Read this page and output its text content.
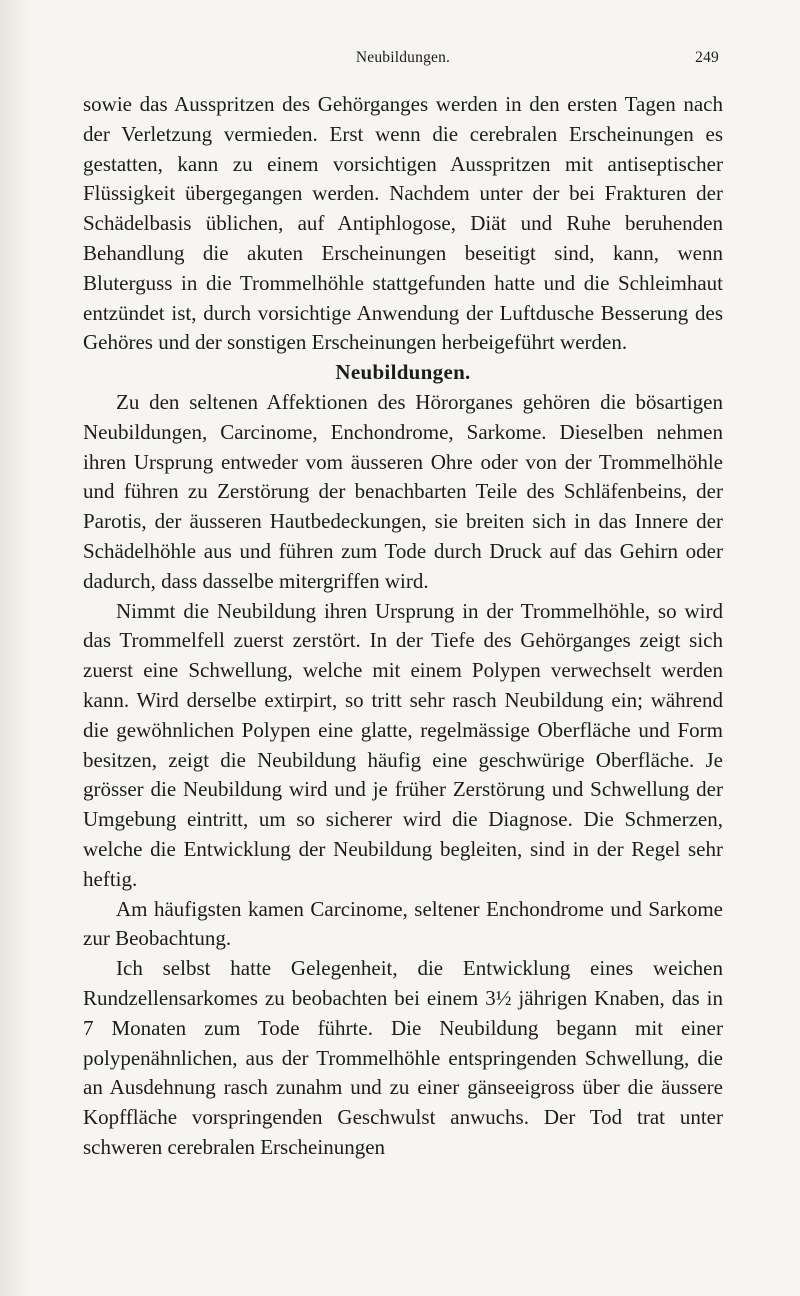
Neubildungen.	249

sowie das Ausspritzen des Gehörganges werden in den ersten Tagen nach der Verletzung vermieden. Erst wenn die cerebralen Erscheinungen es gestatten, kann zu einem vorsichtigen Ausspritzen mit antiseptischer Flüssigkeit übergegangen werden. Nachdem unter der bei Frakturen der Schädelbasis üblichen, auf Antiphlogose, Diät und Ruhe beruhenden Behandlung die akuten Erscheinungen beseitigt sind, kann, wenn Bluterguss in die Trommelhöhle stattgefunden hatte und die Schleimhaut entzündet ist, durch vorsichtige Anwendung der Luftdusche Besserung des Gehöres und der sonstigen Erscheinungen herbeigeführt werden.

Neubildungen.

Zu den seltenen Affektionen des Hörorganes gehören die bösartigen Neubildungen, Carcinome, Enchondrome, Sarkome. Dieselben nehmen ihren Ursprung entweder vom äusseren Ohre oder von der Trommelhöhle und führen zu Zerstörung der benachbarten Teile des Schläfenbeins, der Parotis, der äusseren Hautbedeckungen, sie breiten sich in das Innere der Schädelhöhle aus und führen zum Tode durch Druck auf das Gehirn oder dadurch, dass dasselbe mitergriffen wird.

Nimmt die Neubildung ihren Ursprung in der Trommelhöhle, so wird das Trommelfell zuerst zerstört. In der Tiefe des Gehörganges zeigt sich zuerst eine Schwellung, welche mit einem Polypen verwechselt werden kann. Wird derselbe extirpirt, so tritt sehr rasch Neubildung ein; während die gewöhnlichen Polypen eine glatte, regelmässige Oberfläche und Form besitzen, zeigt die Neubildung häufig eine geschwürige Oberfläche. Je grösser die Neubildung wird und je früher Zerstörung und Schwellung der Umgebung eintritt, um so sicherer wird die Diagnose. Die Schmerzen, welche die Entwicklung der Neubildung begleiten, sind in der Regel sehr heftig.

Am häufigsten kamen Carcinome, seltener Enchondrome und Sarkome zur Beobachtung.

Ich selbst hatte Gelegenheit, die Entwicklung eines weichen Rundzellensarkomes zu beobachten bei einem 3½ jährigen Knaben, das in 7 Monaten zum Tode führte. Die Neubildung begann mit einer polypenähnlichen, aus der Trommelhöhle entspringenden Schwellung, die an Ausdehnung rasch zunahm und zu einer gänseeigross über die äussere Kopffläche vorspringenden Geschwulst anwuchs. Der Tod trat unter schweren cerebralen Erscheinungen
